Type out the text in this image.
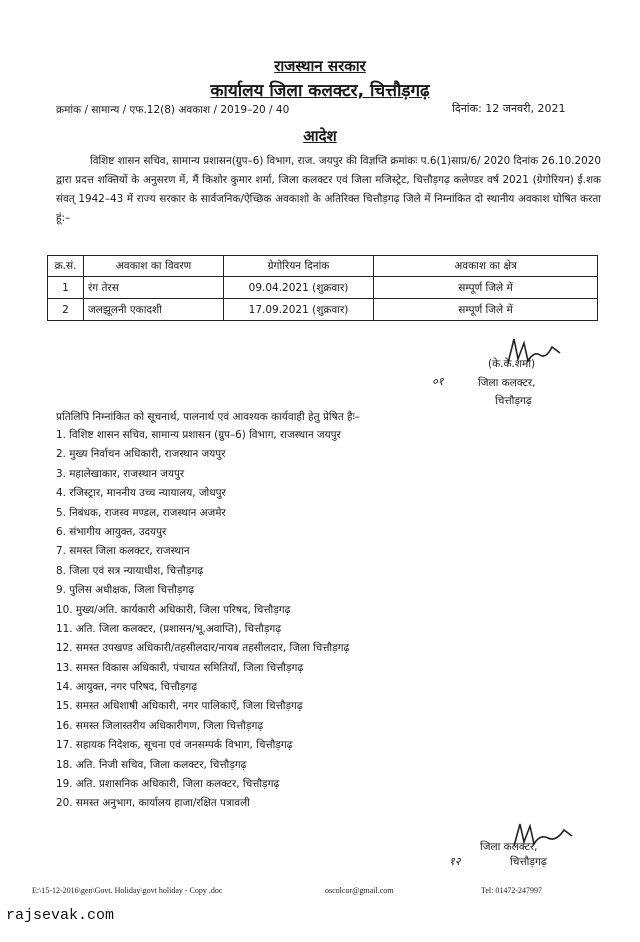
राजस्थान सरकार
कार्यालय जिला कलक्टर, चित्तौड़गढ़
क्रमांक / सामान्य / एफ.12(8) अवकाश / 2019–20 / 40	दिनांक: 12 जनवरी, 2021
आदेश
विशिष्ट शासन सचिव, सामान्य प्रशासन(ग्रुप–6) विभाग, राज. जयपुर की विज्ञप्ति क्रमांकः प.6(1)साप्र/6/ 2020 दिनांक 26.10.2020 द्वारा प्रदत्त शक्तियों के अनुसरण में, मैं किशोर कुमार शर्मा, जिला कलक्टर एवं जिला मजिस्ट्रेट, चित्तौड़गढ़ कलेण्डर वर्ष 2021 (ग्रेगोरियन) ई.शक संवत् 1942–43 में राज्य सरकार के सार्वजनिक/ऐच्छिक अवकाशो के अतिरिक्त चित्तौड़गढ़ जिले में निम्नांकित दो स्थानीय अवकाश घोषित करता हूं:–
क्र.सं.	अवकाश का विवरण	ग्रेगोरियन दिनांक	अवकाश का क्षेत्र
1	रंग तेरस	09.04.2021 (शुक्रवार)	सम्पूर्ण जिले में
2	जलझूलनी एकादशी	17.09.2021 (शुक्रवार)	सम्पूर्ण जिले में
(के.के.शर्मा)
०१	जिला कलक्टर,
चित्तौड़गढ़
प्रतिलिपि निम्नांकित को सूचनार्थ, पालनार्थ एवं आवश्यक कार्यवाही हेतु प्रेषित हैः–
1. विशिष्ट शासन सचिव, सामान्य प्रशासन (ग्रुप–6) विभाग, राजस्थान जयपुर
2. मुख्य निर्वाचन अधिकारी, राजस्थान जयपुर
3. महालेखाकार, राजस्थान जयपुर
4. रजिस्ट्रार, माननीय उच्च न्यायालय, जोधपुर
5. निबंधक, राजस्व मण्डल, राजस्थान अजमेर
6. संभागीय आयुक्त, उदयपुर
7. समस्त जिला कलक्टर, राजस्थान
8. जिला एवं सत्र न्यायाधीश, चित्तौड़गढ़
9. पुलिस अधीक्षक, जिला चित्तौड़गढ़
10. मुख्य/अति. कार्यकारी अधिकारी, जिला परिषद, चित्तौड़गढ़
11. अति. जिला कलक्टर, (प्रशासन/भू.अवाप्ति), चित्तौड़गढ़
12. समस्त उपखण्ड अधिकारी/तहसीलदार/नायब तहसीलदार, जिला चित्तौड़गढ़
13. समस्त विकास अधिकारी, पंचायत समितियाँ, जिला चित्तौड़गढ़
14. आयुक्त, नगर परिषद, चित्तौड़गढ़
15. समस्त अधिशाषी अधिकारी, नगर पालिकाऐं, जिला चित्तौड़गढ़
16. समस्त जिलास्तरीय अधिकारीगण, जिला चित्तौड़गढ़
17. सहायक निदेशक, सूचना एवं जनसम्पर्क विभाग, चित्तौड़गढ़
18. अति. निजी सचिव, जिला कलक्टर, चित्तौड़गढ़
19. अति. प्रशासनिक अधिकारी, जिला कलक्टर, चित्तौड़गढ़
20. समस्त अनुभाग, कार्यालय हाजा/रक्षित पत्रावली
जिला कलक्टर,
१२	चित्तौड़गढ़
E:\15-12-2016\gen\Govt. Holiday\govt holiday - Copy .doc	oscolcor@gmail.com	Tel: 01472-247997
rajsevak.com
